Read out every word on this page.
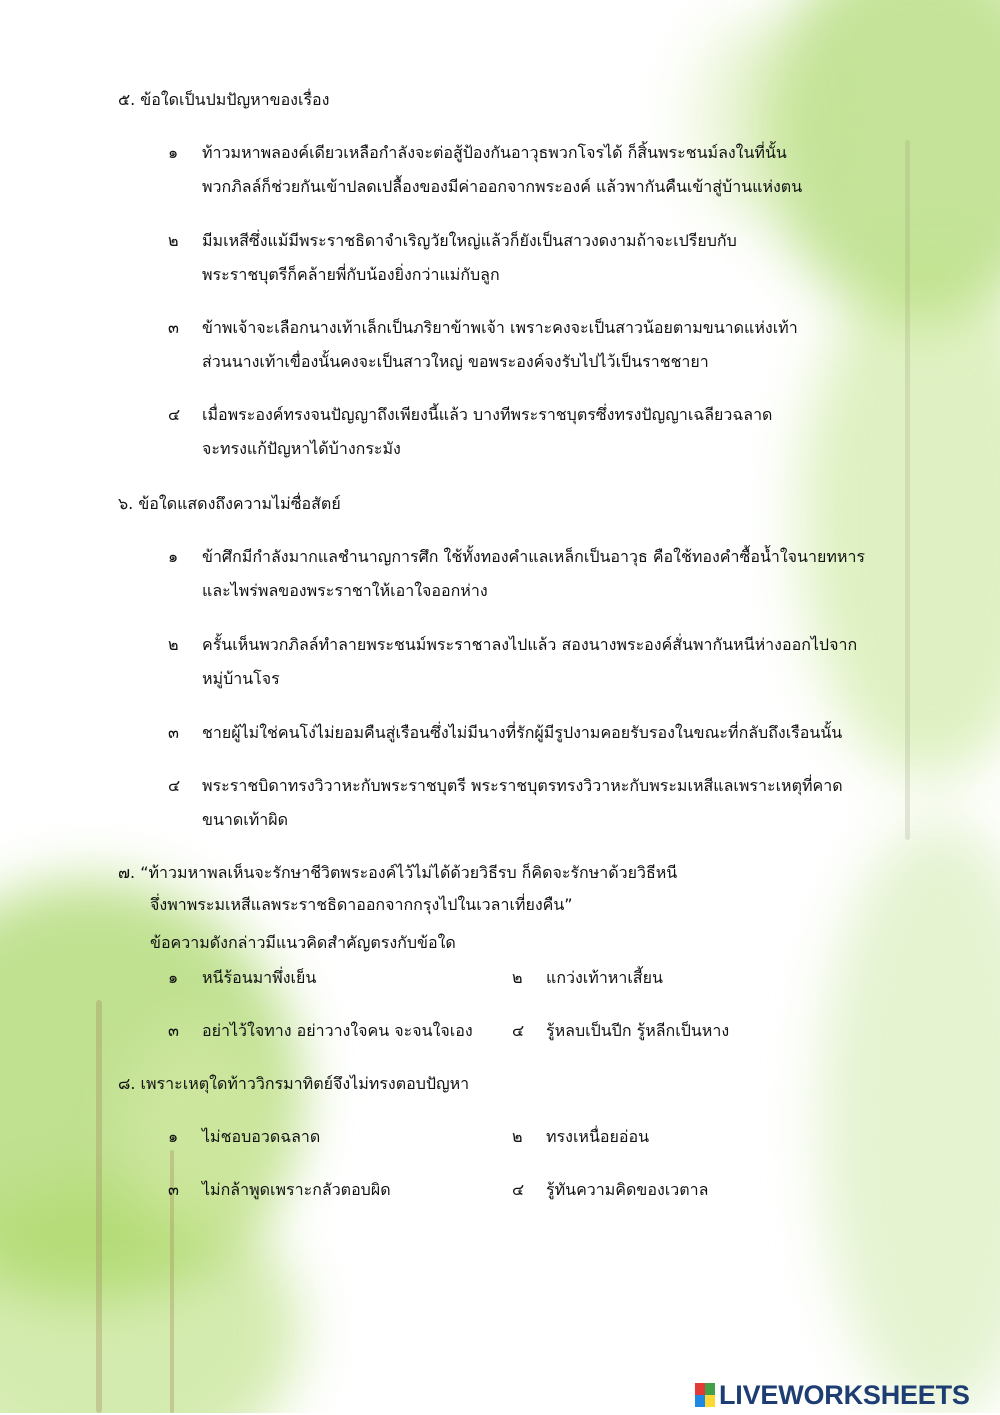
๕. ข้อใดเป็นปมปัญหาของเรื่อง
๑	ท้าวมหาพลองค์เดียวเหลือกำลังจะต่อสู้ป้องกันอาวุธพวกโจรได้ ก็สิ้นพระชนม์ลงในที่นั้น
พวกภิลล์ก็ช่วยกันเข้าปลดเปลื้องของมีค่าออกจากพระองค์ แล้วพากันคืนเข้าสู่บ้านแห่งตน
๒	มีมเหสีซึ่งแม้มีพระราชธิดาจำเริญวัยใหญ่แล้วก็ยังเป็นสาวงดงามถ้าจะเปรียบกับ
พระราชบุตรีก็คล้ายพี่กับน้องยิ่งกว่าแม่กับลูก
๓	ข้าพเจ้าจะเลือกนางเท้าเล็กเป็นภริยาข้าพเจ้า เพราะคงจะเป็นสาวน้อยตามขนาดแห่งเท้า
ส่วนนางเท้าเขื่องนั้นคงจะเป็นสาวใหญ่ ขอพระองค์จงรับไปไว้เป็นราชชายา
๔	เมื่อพระองค์ทรงจนปัญญาถึงเพียงนี้แล้ว บางทีพระราชบุตรซึ่งทรงปัญญาเฉลียวฉลาด
จะทรงแก้ปัญหาได้บ้างกระมัง
๖. ข้อใดแสดงถึงความไม่ซื่อสัตย์
๑	ข้าศึกมีกำลังมากแลชำนาญการศึก ใช้ทั้งทองคำแลเหล็กเป็นอาวุธ คือใช้ทองคำซื้อน้ำใจนายทหาร
และไพร่พลของพระราชาให้เอาใจออกห่าง
๒	ครั้นเห็นพวกภิลล์ทำลายพระชนม์พระราชาลงไปแล้ว สองนางพระองค์สั่นพากันหนีห่างออกไปจาก
หมู่บ้านโจร
๓	ชายผู้ไม่ใช่คนโง่ไม่ยอมคืนสู่เรือนซึ่งไม่มีนางที่รักผู้มีรูปงามคอยรับรองในขณะที่กลับถึงเรือนนั้น
๔	พระราชบิดาทรงวิวาหะกับพระราชบุตรี พระราชบุตรทรงวิวาหะกับพระมเหสีแลเพราะเหตุที่คาด
ขนาดเท้าผิด
๗. “ท้าวมหาพลเห็นจะรักษาชีวิตพระองค์ไว้ไม่ได้ด้วยวิธีรบ ก็คิดจะรักษาด้วยวิธีหนี
จึ่งพาพระมเหสีแลพระราชธิดาออกจากกรุงไปในเวลาเที่ยงคืน”
ข้อความดังกล่าวมีแนวคิดสำคัญตรงกับข้อใด
๑ หนีร้อนมาพึ่งเย็น	๒ แกว่งเท้าหาเสี้ยน
๓ อย่าไว้ใจทาง อย่าวางใจคน จะจนใจเอง ๔ รู้หลบเป็นปีก รู้หลีกเป็นหาง
๘. เพราะเหตุใดท้าววิกรมาทิตย์จึงไม่ทรงตอบปัญหา
๑ ไม่ชอบอวดฉลาด	๒ ทรงเหนื่อยอ่อน
๓ ไม่กล้าพูดเพราะกลัวตอบผิด	๔ รู้ทันความคิดของเวตาล
LIVEWORKSHEETS
